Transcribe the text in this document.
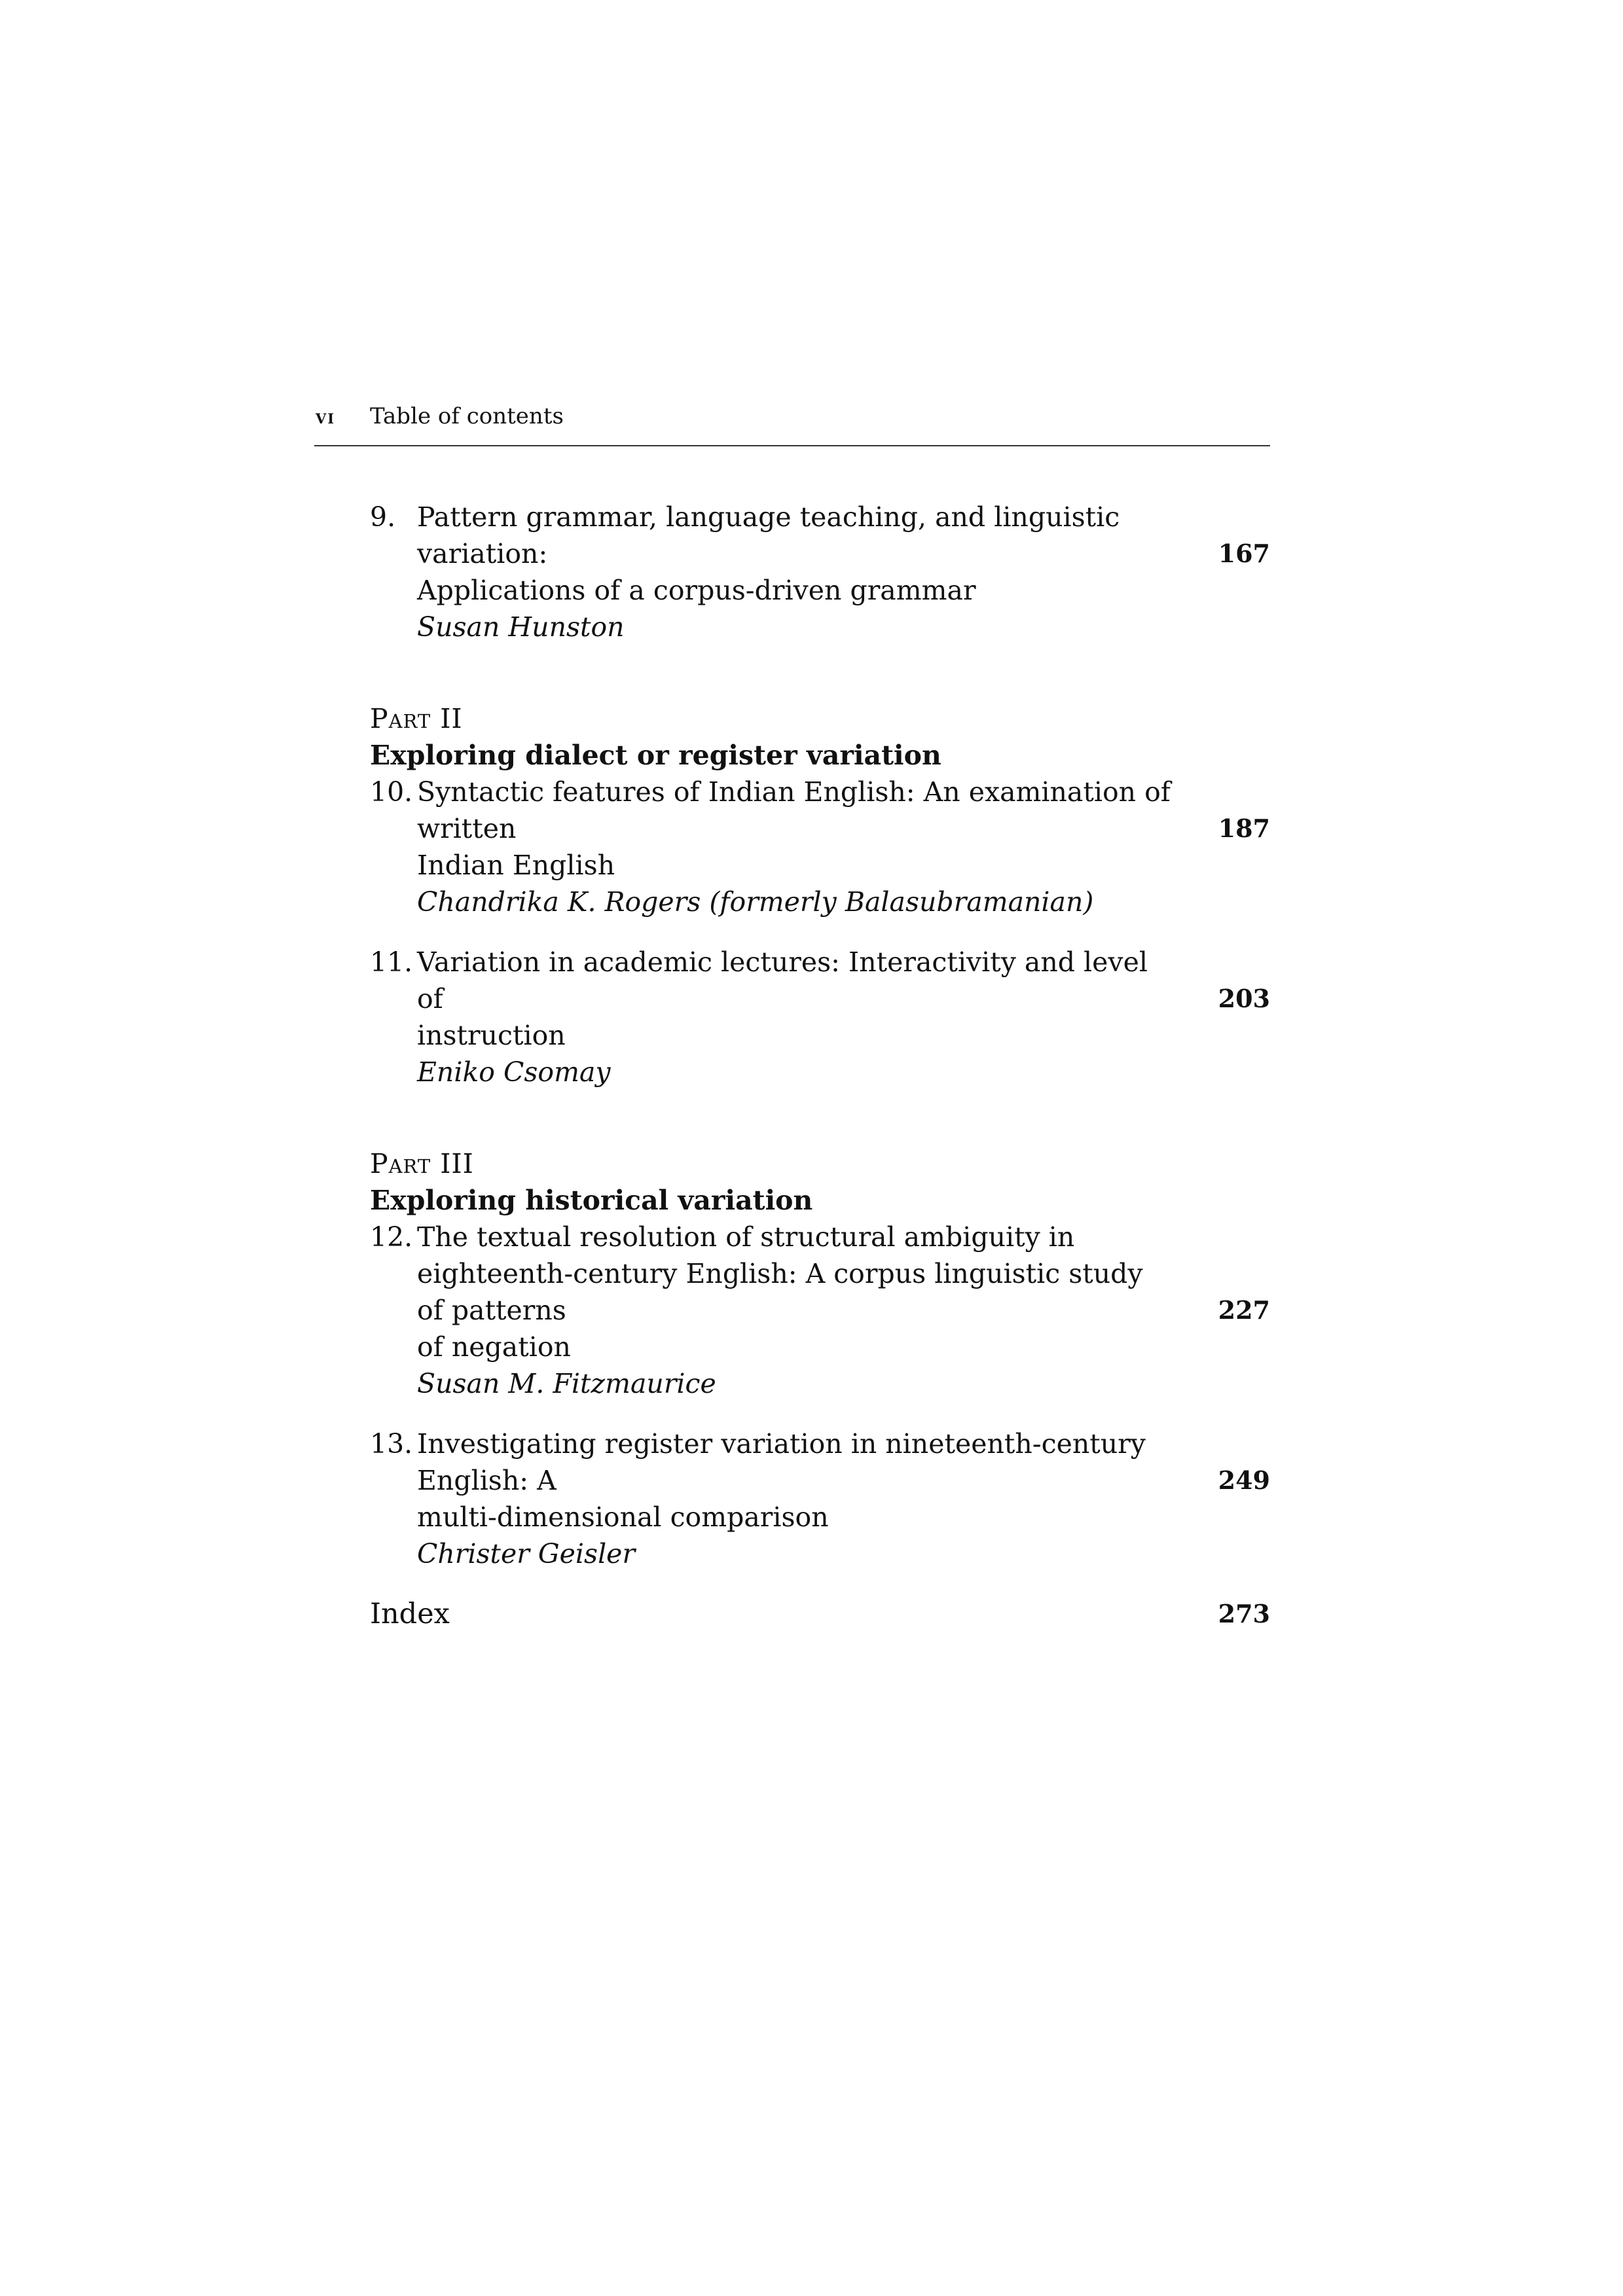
vi Table of contents
9. Pattern grammar, language teaching, and linguistic variation:
Applications of a corpus-driven grammar
167
Susan Hunston
Part II
Exploring dialect or register variation
10. Syntactic features of Indian English: An examination of written
Indian English
187
Chandrika K. Rogers (formerly Balasubramanian)
11. Variation in academic lectures: Interactivity and level of
instruction
203
Eniko Csomay
Part III
Exploring historical variation
12. The textual resolution of structural ambiguity in
eighteenth-century English: A corpus linguistic study of patterns
of negation
227
Susan M. Fitzmaurice
13. Investigating register variation in nineteenth-century English: A
multi-dimensional comparison
249
Christer Geisler
Index	273
